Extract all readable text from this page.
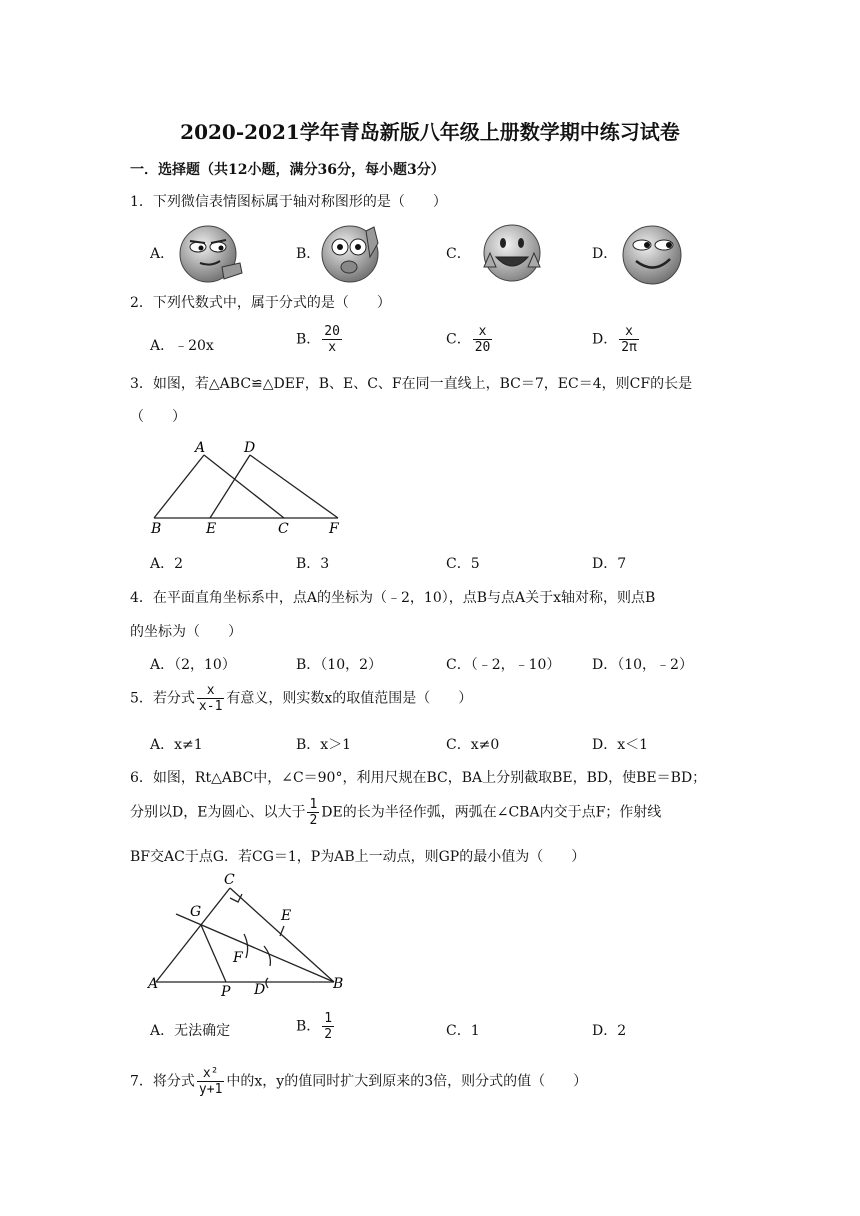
2020-2021学年青岛新版八年级上册数学期中练习试卷
一．选择题（共12小题，满分36分，每小题3分）
1．下列微信表情图标属于轴对称图形的是（　　）
A．	B．	C．	D．
2．下列代数式中，属于分式的是（　　）
A．﹣20x	B． $\frac{20}{x}$	C． $\frac{x}{20}$	D． $\frac{x}{2\pi}$
3．如图，若△ABC≌△DEF，B、E、C、F在同一直线上，BC＝7，EC＝4，则CF的长是
（　　）
A	D
B	E	C	F
A．2	B．3	C．5	D．7
4．在平面直角坐标系中，点A的坐标为（﹣2，10），点B与点A关于x轴对称，则点B
的坐标为（　　）
A．（2，10）	B．（10，2）	C．（﹣2，﹣10） D．（10，﹣2）
5．若分式 $\frac{x}{x-1}$ 有意义，则实数x的取值范围是（　　）
A．x≠1	B．x＞1	C．x≠0	D．x＜1
6．如图，Rt△ABC中，∠C＝90°，利用尺规在BC，BA上分别截取BE，BD，使BE＝BD；
分别以D，E为圆心、以大于 $\frac{1}{2}$ DE的长为半径作弧，两弧在∠CBA内交于点F；作射线
BF交AC于点G．若CG＝1，P为AB上一动点，则GP的最小值为（　　）
C
G	E
F
A	P D	B
A．无法确定	B． $\frac{1}{2}$	C．1	D．2
7．将分式 $\frac{\text{x²}}{y+1}$ 中的x，y的值同时扩大到原来的3倍，则分式的值（　　）
